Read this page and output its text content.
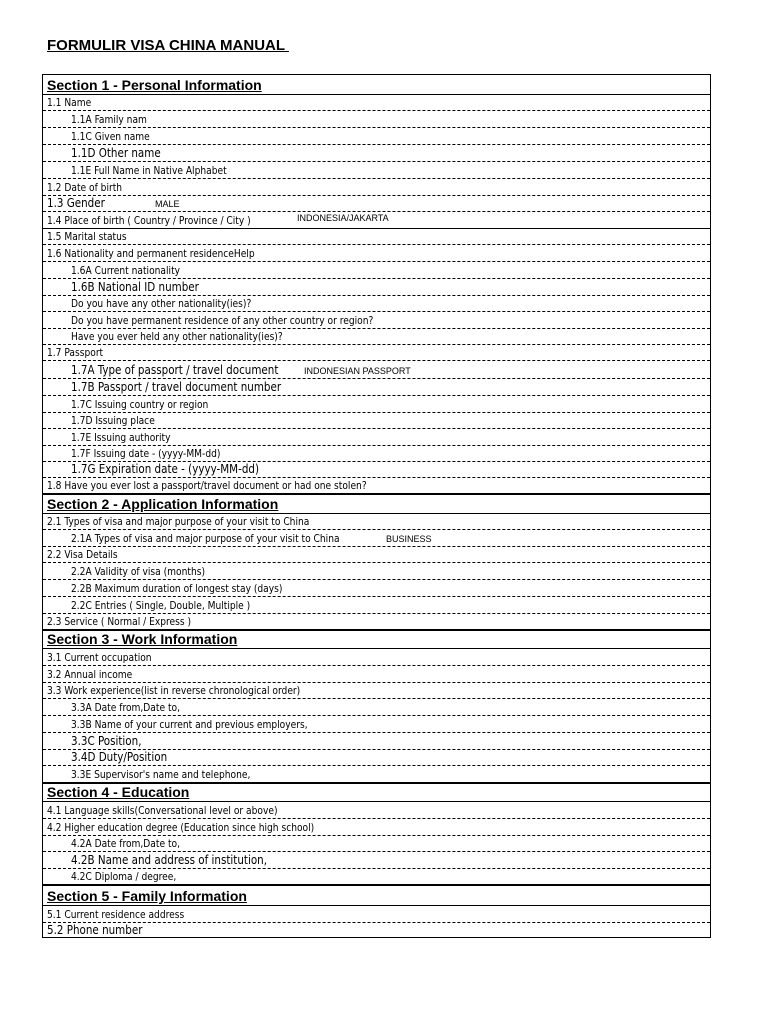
FORMULIR VISA CHINA MANUAL
Section 1 - Personal Information
1.1 Name
1.1A Family nam
1.1C Given name
1.1D Other name
1.1E Full Name in Native Alphabet
1.2 Date of birth
1.3 Gender	MALE
1.4 Place of birth ( Country / Province / City )	INDONESIA/JAKARTA
1.5 Marital status
1.6 Nationality and permanent residenceHelp
1.6A Current nationality
1.6B National ID number
Do you have any other nationality(ies)?
Do you have permanent residence of any other country or region?
Have you ever held any other nationality(ies)?
1.7 Passport
1.7A Type of passport / travel document	INDONESIAN PASSPORT
1.7B Passport / travel document number
1.7C Issuing country or region
1.7D Issuing place
1.7E Issuing authority
1.7F Issuing date - (yyyy-MM-dd)
1.7G Expiration date - (yyyy-MM-dd)
1.8 Have you ever lost a passport/travel document or had one stolen?
Section 2 - Application Information
2.1 Types of visa and major purpose of your visit to China
2.1A Types of visa and major purpose of your visit to China	BUSINESS
2.2 Visa Details
2.2A Validity of visa (months)
2.2B Maximum duration of longest stay (days)
2.2C Entries ( Single, Double, Multiple )
2.3 Service ( Normal / Express )
Section 3 - Work Information
3.1 Current occupation
3.2 Annual income
3.3 Work experience(list in reverse chronological order)
3.3A Date from,Date to,
3.3B Name of your current and previous employers,
3.3C Position,
3.4D Duty/Position
3.3E Supervisor's name and telephone,
Section 4 - Education
4.1 Language skills(Conversational level or above)
4.2 Higher education degree (Education since high school)
4.2A Date from,Date to,
4.2B Name and address of institution,
4.2C Diploma / degree,
Section 5 - Family Information
5.1 Current residence address
5.2 Phone number
